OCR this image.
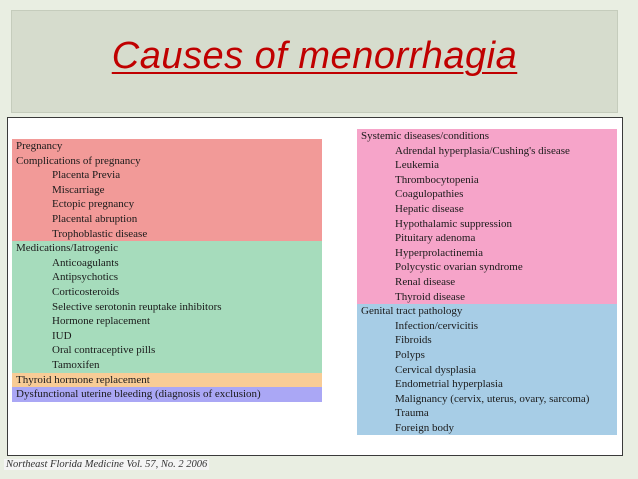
Causes of menorrhagia
Pregnancy
Complications of pregnancy
Placenta Previa
Miscarriage
Ectopic pregnancy
Placental abruption
Trophoblastic disease
Medications/Iatrogenic
Anticoagulants
Antipsychotics
Corticosteroids
Selective serotonin reuptake inhibitors
Hormone replacement
IUD
Oral contraceptive pills
Tamoxifen
Thyroid hormone replacement
Dysfunctional uterine bleeding (diagnosis of exclusion)
Systemic diseases/conditions
Adrendal hyperplasia/Cushing's disease
Leukemia
Thrombocytopenia
Coagulopathies
Hepatic disease
Hypothalamic suppression
Pituitary adenoma
Hyperprolactinemia
Polycystic ovarian syndrome
Renal disease
Thyroid disease
Genital tract pathology
Infection/cervicitis
Fibroids
Polyps
Cervical dysplasia
Endometrial hyperplasia
Malignancy (cervix, uterus, ovary, sarcoma)
Trauma
Foreign body
Northeast Florida Medicine Vol. 57, No. 2 2006
